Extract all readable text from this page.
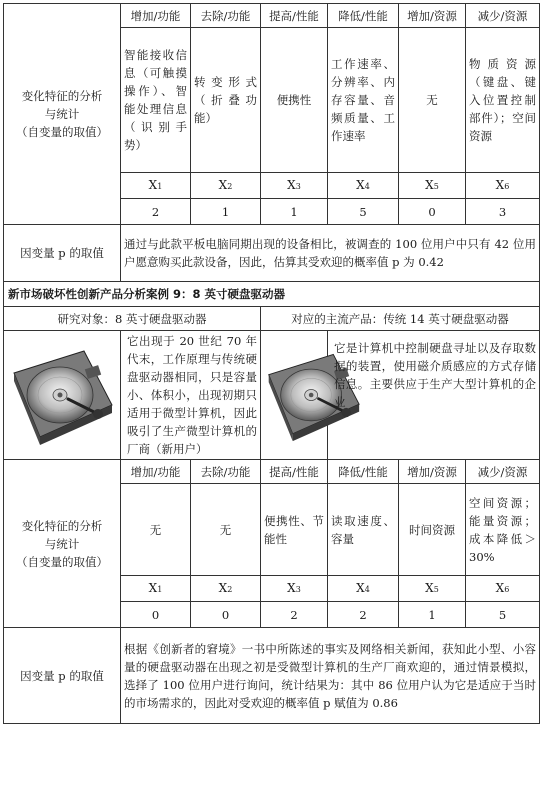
变化特征的分析
与统计
（自变量的取值）	增加/功能	去除/功能	提高/性能	降低/性能	增加/资源	减少/资源
	智能接收信息（可触摸操作）、智能处理信息（识别手势）	转变形式（折叠功能）	便携性	工作速率、分辨率、内存容量、音频质量、工作速率	无	物质资源（键盘、键入位置控制部件）；空间资源
	X1	X2	X3	X4	X5	X6
	2	1	1	5	0	3
因变量 p 的取值	通过与此款平板电脑同期出现的设备相比，被调查的 100 位用户中只有 42 位用户愿意购买此款设备，因此，估算其受欢迎的概率值 p 为 0.42					
新市场破坏性创新产品分析案例 9：8 英寸硬盘驱动器						
研究对象：8 英寸硬盘驱动器			对应的主流产品：传统 14 英寸硬盘驱动器			

	它出现于 20 世纪 70 年代末，工作原理与传统硬盘驱动器相同，只是容量小、体积小，出现初期只适用于微型计算机，因此吸引了生产微型计算机的厂商（新用户）			它是计算机中控制硬盘寻址以及存取数据的装置，使用磁介质感应的方式存储信息。主要供应于生产大型计算机的企业		
变化特征的分析
与统计
（自变量的取值）	增加/功能	去除/功能	提高/性能	降低/性能	增加/资源	减少/资源
	无	无	便携性、节能性	读取速度、容量	时间资源	空间资源；能量资源；成本降低＞30%
	X1	X2	X3	X4	X5	X6
	0	0	2	2	1	5
因变量 p 的取值	根据《创新者的窘境》一书中所陈述的事实及网络相关新闻，获知此小型、小容量的硬盘驱动器在出现之初是受微型计算机的生产厂商欢迎的，通过情景模拟，选择了 100 位用户进行询问，统计结果为：其中 86 位用户认为它是适应于当时的市场需求的，因此对受欢迎的概率值 p 赋值为 0.86					
